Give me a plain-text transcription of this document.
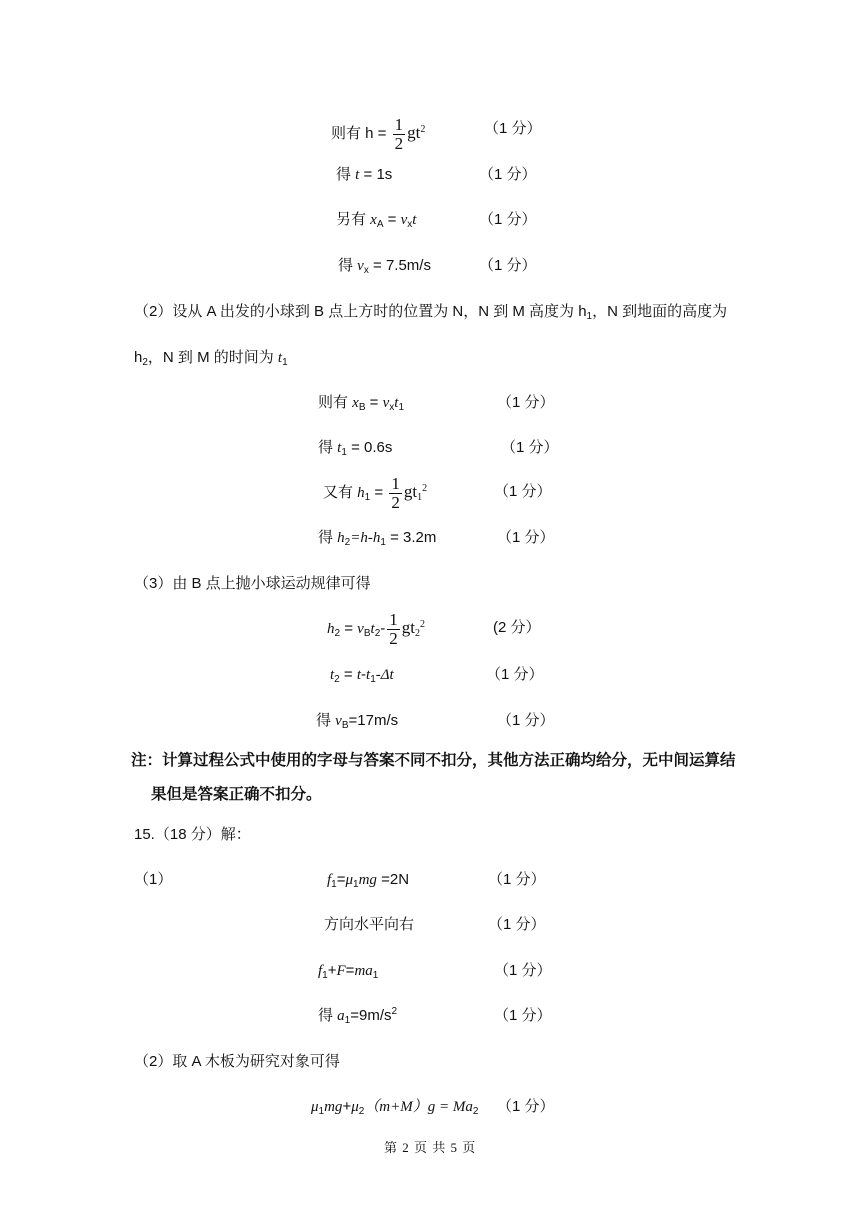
则有 $h = \frac{1}{2} gt^2$	（1 分）
得 t = 1s	（1 分）
另有 $x_A = v_xt$	（1 分）
得 $v_x = 7.5m/s$	（1 分）
（2）设从 A 出发的小球到 B 点上方时的位置为 N，N 到 M 高度为 $h_1$，N 到地面的高度为
$h_2$，N 到 M 的时间为 $t_1$
则有 $x_B = v_xt_1$	（1 分）
得 $t_1 = 0.6s$	（1 分）
又有 $h_1 = \frac{1}{2} gt_1^2$	（1 分）
得 $h_2=h-h_1 = 3.2m$	（1 分）
（3）由 B 点上抛小球运动规律可得
$h_2 = v_Bt_2- \frac{1}{2} gt_2^2$	(2 分）
$t_2 = t-t_1-\Delta t$	（1 分）
得 $v_B=17m/s$	（1 分）
注：计算过程公式中使用的字母与答案不同不扣分，其他方法正确均给分，无中间运算结
果但是答案正确不扣分。
15.（18 分）解：
（1）	$f_1=\mu_1mg =2N$	（1 分）
方向水平向右	（1 分）
$f_1+F=ma_1$	（1 分）
得 $a_1=9m/s^2$	（1 分）
（2）取 A 木板为研究对象可得
$\mu_1mg+\mu_2(m+M)g = Ma_2$ （1 分）
第 2 页 共 5 页
